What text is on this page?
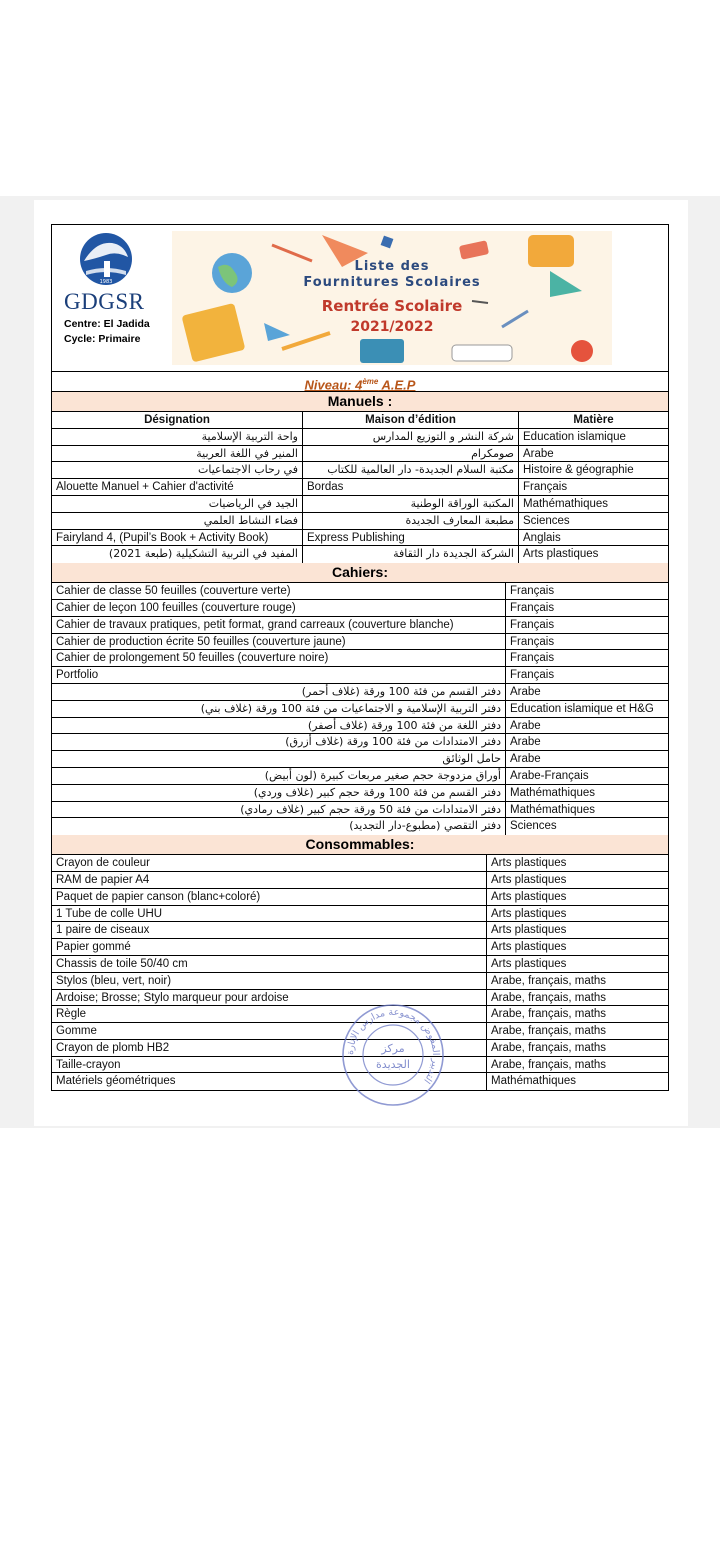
1983
GDGSR
Centre: El Jadida
Cycle: Primaire
Liste des
Fournitures Scolaires
Rentrée Scolaire
2021/2022
Niveau: 4ème A.E.P
Manuels :
Désignation	Maison d’édition	Matière
واحة التربية الإسلامية	شركة النشر و التوزيع المدارس Education islamique
المنير في اللغة العربية	صومكرام Arabe
في رحاب الاجتماعيات	مكتبة السلام الجديدة- دار العالمية للكتاب Histoire & géographie
Alouette Manuel + Cahier d'activité	Bordas	Français
الجيد في الرياضيات	المكتبة الوراقة الوطنية Mathémathiques
فضاء النشاط العلمي	مطبعة المعارف الجديدة Sciences
Fairyland 4, (Pupil’s Book + Activity Book)	Express Publishing	Anglais
المفيد في التربية التشكيلية (طبعة 2021)	الشركة الجديدة دار الثقافة Arts plastiques
Cahiers:
Cahier de classe 50 feuilles (couverture verte)	Français
Cahier de leçon 100 feuilles (couverture rouge)	Français
Cahier de travaux pratiques, petit format, grand carreaux (couverture blanche)	Français
Cahier de production écrite 50 feuilles (couverture jaune)	Français
Cahier de prolongement 50 feuilles (couverture noire)	Français
Portfolio	Français
دفتر القسم من فئة 100 ورقة (غلاف أحمر) Arabe
دفتر التربية الإسلامية و الاجتماعيات من فئة 100 ورقة (غلاف بني) Education islamique et H&G
دفتر اللغة من فئة 100 ورقة (غلاف أصفر) Arabe
دفتر الامتدادات من فئة 100 ورقة (غلاف أزرق) Arabe
حامل الوثائق Arabe
أوراق مزدوجة حجم صغير مربعات كبيرة (لون أبيض) Arabe-Français
دفتر القسم من فئة 100 ورقة حجم كبير (غلاف وردي) Mathémathiques
دفتر الامتدادات من فئة 50 ورقة حجم كبير (غلاف رمادي) Mathémathiques
دفتر التقصي (مطبوع-دار التجديد) Sciences
Consommables:
Crayon de couleur	Arts plastiques
RAM de papier A4	Arts plastiques
Paquet de papier canson (blanc+coloré)	Arts plastiques
1 Tube de colle UHU	Arts plastiques
1 paire de ciseaux	Arts plastiques
Papier gommé	Arts plastiques
Chassis de toile 50/40 cm	Arts plastiques
Stylos (bleu, vert, noir)	Arabe, français, maths
Ardoise; Brosse; Stylo marqueur pour ardoise	Arabe, français, maths
Règle	Arabe, français, maths
Gomme	Arabe, français, maths
Crayon de plomb HB2	Arabe, français, maths
Taille-crayon	Arabe, français, maths
Matériels géométriques	Mathémathiques
التدبير المفوض مجموعة مدارس الإنارة
مركز
الجديدة
